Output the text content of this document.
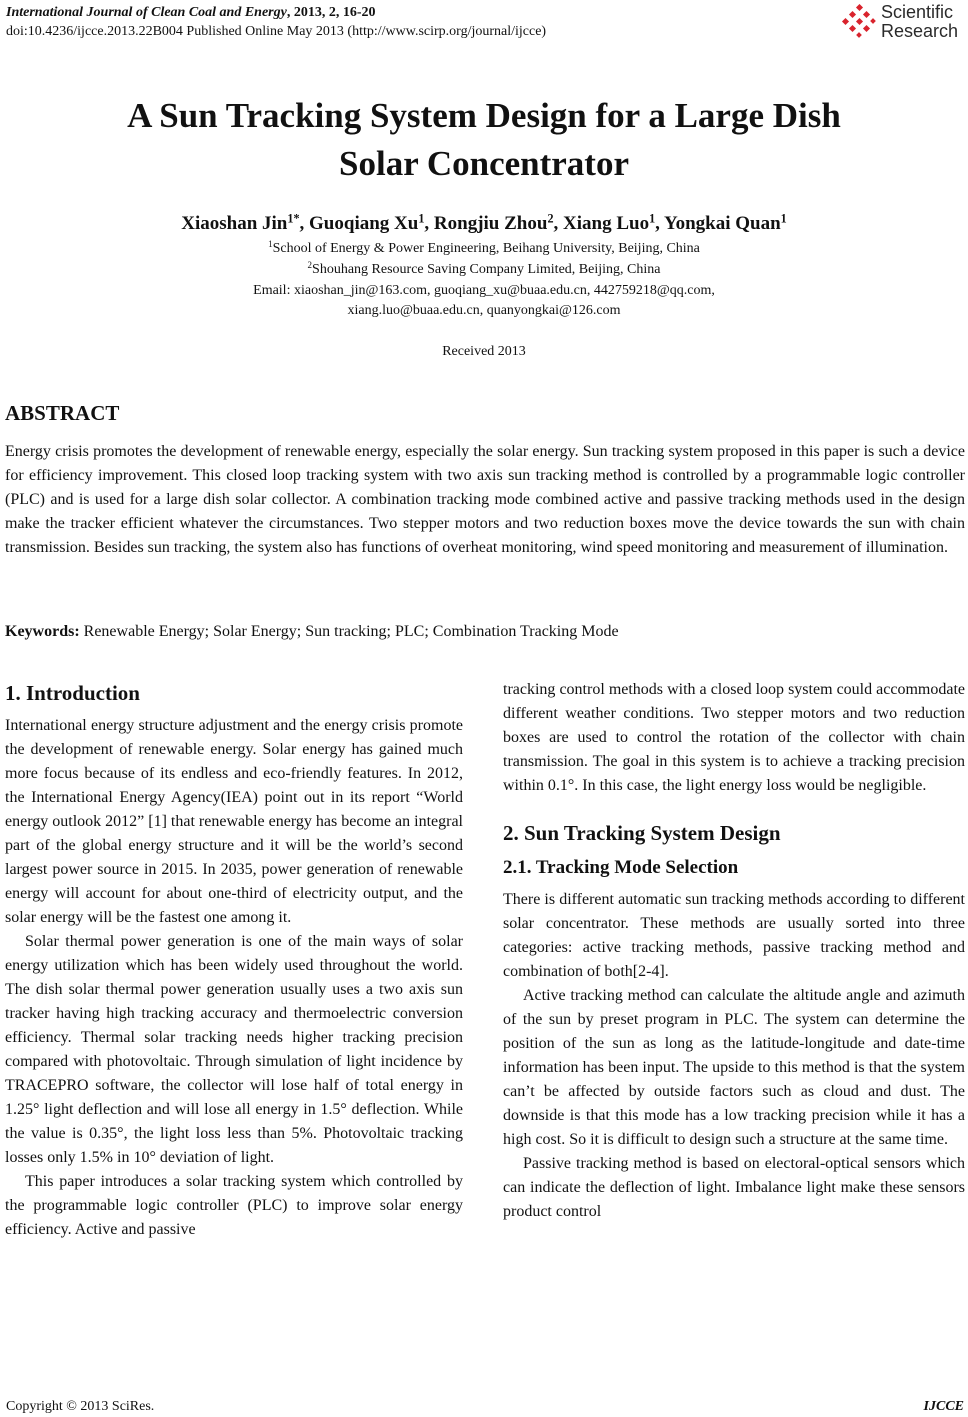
International Journal of Clean Coal and Energy, 2013, 2, 16-20
doi:10.4236/ijcce.2013.22B004 Published Online May 2013 (http://www.scirp.org/journal/ijcce)
Scientific
Research
A Sun Tracking System Design for a Large Dish
Solar Concentrator
Xiaoshan Jin$^{1*}$, Guoqiang Xu$^1$, Rongjiu Zhou$^2$, Xiang Luo$^1$, Yongkai Quan$^1$
$^1$School of Energy & Power Engineering, Beihang University, Beijing, China
$^2$Shouhang Resource Saving Company Limited, Beijing, China
Email: xiaoshan_jin@163.com, guoqiang_xu@buaa.edu.cn, 442759218@qq.com,
xiang.luo@buaa.edu.cn, quanyongkai@126.com
Received 2013
ABSTRACT

Energy crisis promotes the development of renewable energy, especially the solar energy. Sun tracking system proposed in this paper is such a device for efficiency improvement. This closed loop tracking system with two axis sun tracking method is controlled by a programmable logic controller (PLC) and is used for a large dish solar collector. A combination tracking mode combined active and passive tracking methods used in the design make the tracker efficient whatever the circumstances. Two stepper motors and two reduction boxes move the device towards the sun with chain transmission. Besides sun tracking, the system also has functions of overheat monitoring, wind speed monitoring and measurement of illumination.

Keywords: Renewable Energy; Solar Energy; Sun tracking; PLC; Combination Tracking Mode
1. Introduction

International energy structure adjustment and the energy crisis promote the development of renewable energy. Solar energy has gained much more focus because of its endless and eco-friendly features. In 2012, the International Energy Agency(IEA) point out in its report “World energy outlook 2012” [1] that renewable energy has become an integral part of the global energy structure and it will be the world’s second largest power source in 2015. In 2035, power generation of renewable energy will account for about one-third of electricity output, and the solar energy will be the fastest one among it.

Solar thermal power generation is one of the main ways of solar energy utilization which has been widely used throughout the world. The dish solar thermal power generation usually uses a two axis sun tracker having high tracking accuracy and thermoelectric conversion efficiency. Thermal solar tracking needs higher tracking precision compared with photovoltaic. Through simulation of light incidence by TRACEPRO software, the collector will lose half of total energy in 1.25° light deflection and will lose all energy in 1.5° deflection. While the value is 0.35°, the light loss less than 5%. Photovoltaic tracking losses only 1.5% in 10° deviation of light.

This paper introduces a solar tracking system which controlled by the programmable logic controller (PLC) to improve solar energy efficiency. Active and passive

tracking control methods with a closed loop system could accommodate different weather conditions. Two stepper motors and two reduction boxes are used to control the rotation of the collector with chain transmission. The goal in this system is to achieve a tracking precision within 0.1°. In this case, the light energy loss would be negligible.

2. Sun Tracking System Design
2.1. Tracking Mode Selection

There is different automatic sun tracking methods according to different solar concentrator. These methods are usually sorted into three categories: active tracking methods, passive tracking method and combination of both[2-4].

Active tracking method can calculate the altitude angle and azimuth of the sun by preset program in PLC. The system can determine the position of the sun as long as the latitude-longitude and date-time information has been input. The upside to this method is that the system can’t be affected by outside factors such as cloud and dust. The downside is that this mode has a low tracking precision while it has a high cost. So it is difficult to design such a structure at the same time.

Passive tracking method is based on electoral-optical sensors which can indicate the deflection of light. Imbalance light make these sensors product control

Copyright © 2013 SciRes.	IJCCE
